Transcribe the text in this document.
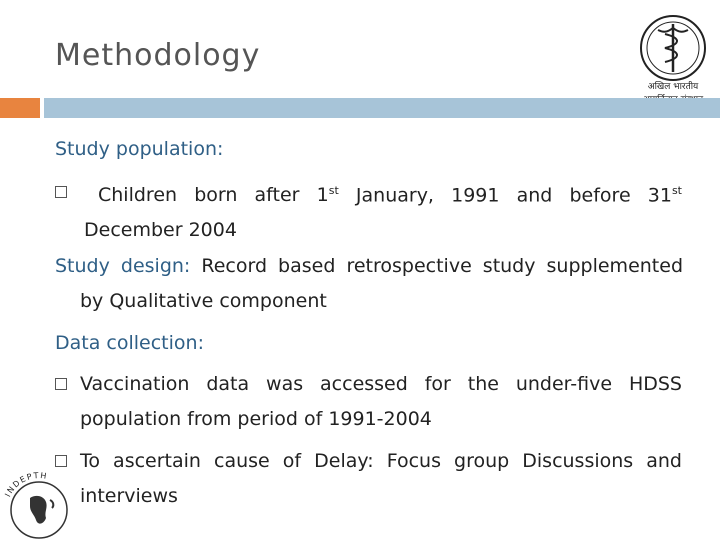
Methodology
अखिल भारतीय
Study population:
Children born after 1st January, 1991 and before 31st
December 2004
Study design: Record based retrospective study supplemented
by Qualitative component
Data collection:
Vaccination data was accessed for the under-five HDSS
population from period of 1991-2004
To ascertain cause of Delay: Focus group Discussions and
interviews
INDEPTH
